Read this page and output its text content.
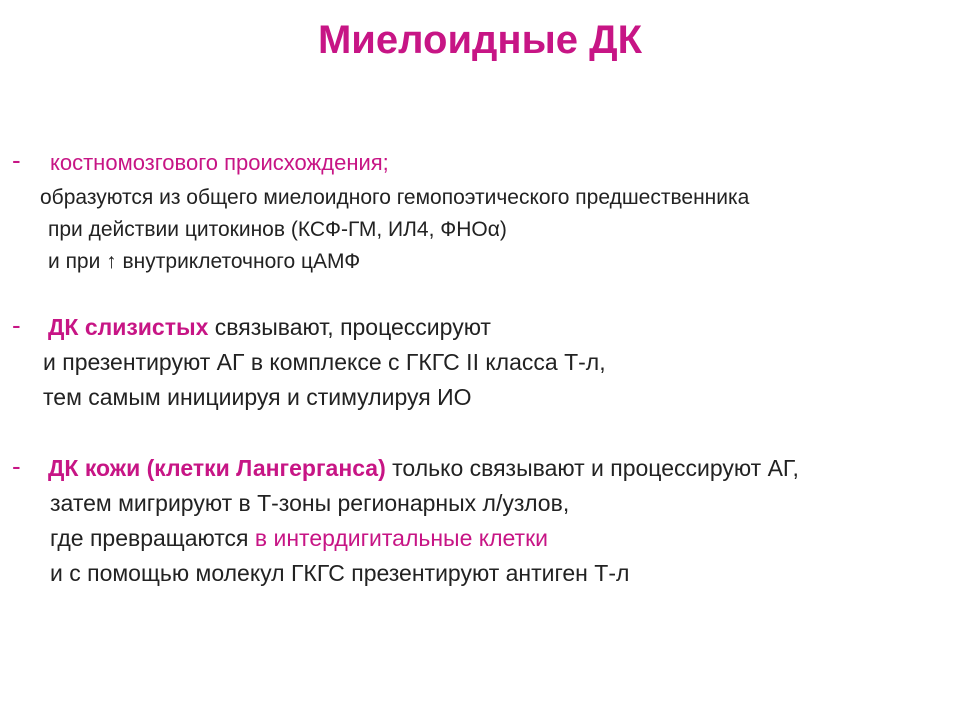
Миелоидные ДК
- костномозгового происхождения;
образуются из общего миелоидного гемопоэтического предшественника
при действии цитокинов (КСФ-ГМ, ИЛ4, ФНОα)
и при ↑ внутриклеточного цАМФ
- ДК слизистых связывают, процессируют
и презентируют АГ в комплексе с ГКГС II класса Т-л,
тем самым инициируя и стимулируя ИО
- ДК кожи (клетки Лангерганса) только связывают и процессируют АГ,
затем мигрируют в Т-зоны регионарных л/узлов,
где превращаются в интердигитальные клетки
и с помощью молекул ГКГС презентируют антиген Т-л
